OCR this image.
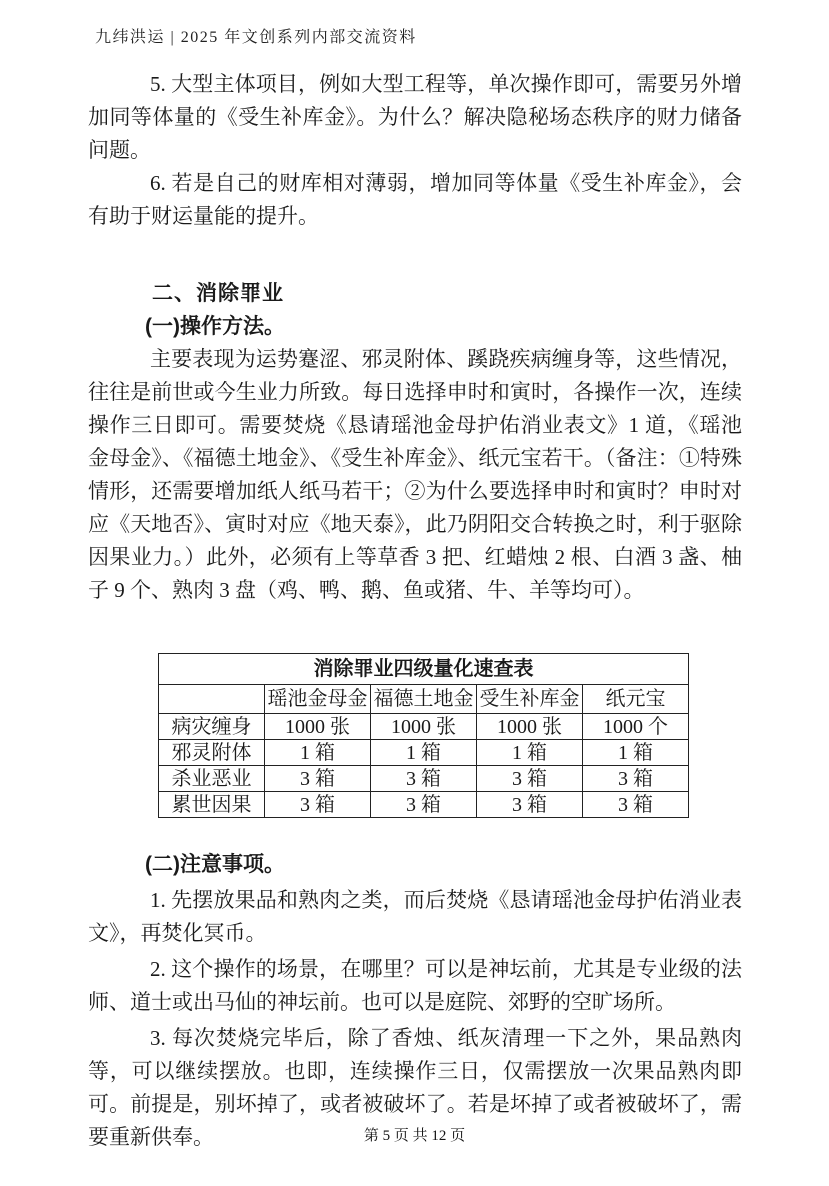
九纬洪运 | 2025 年文创系列内部交流资料

5. 大型主体项目，例如大型工程等，单次操作即可，需要另外增加同等体量的《受生补库金》。为什么？解决隐秘场态秩序的财力储备问题。

6. 若是自己的财库相对薄弱，增加同等体量《受生补库金》，会有助于财运量能的提升。

二、消除罪业
(一)操作方法。

主要表现为运势蹇涩、邪灵附体、蹊跷疾病缠身等，这些情况，往往是前世或今生业力所致。每日选择申时和寅时，各操作一次，连续操作三日即可。需要焚烧《恳请瑶池金母护佑消业表文》1 道，《瑶池金母金》、《福德土地金》、《受生补库金》、纸元宝若干。（备注：①特殊情形，还需要增加纸人纸马若干；②为什么要选择申时和寅时？申时对应《天地否》、寅时对应《地天泰》，此乃阴阳交合转换之时，利于驱除因果业力。）此外，必须有上等草香 3 把、红蜡烛 2 根、白酒 3 盏、柚子 9 个、熟肉 3 盘（鸡、鸭、鹅、鱼或猪、牛、羊等均可）。

消除罪业四级量化速查表				
	瑶池金母金	福德土地金	受生补库金	纸元宝
病灾缠身	1000 张	1000 张	1000 张	1000 个
邪灵附体	1 箱	1 箱	1 箱	1 箱
杀业恶业	3 箱	3 箱	3 箱	3 箱
累世因果	3 箱	3 箱	3 箱	3 箱
(二)注意事项。

1. 先摆放果品和熟肉之类，而后焚烧《恳请瑶池金母护佑消业表文》，再焚化冥币。

2. 这个操作的场景，在哪里？可以是神坛前，尤其是专业级的法师、道士或出马仙的神坛前。也可以是庭院、郊野的空旷场所。

3. 每次焚烧完毕后，除了香烛、纸灰清理一下之外，果品熟肉等，可以继续摆放。也即，连续操作三日，仅需摆放一次果品熟肉即可。前提是，别坏掉了，或者被破坏了。若是坏掉了或者被破坏了，需要重新供奉。	第 5 页 共 12 页
